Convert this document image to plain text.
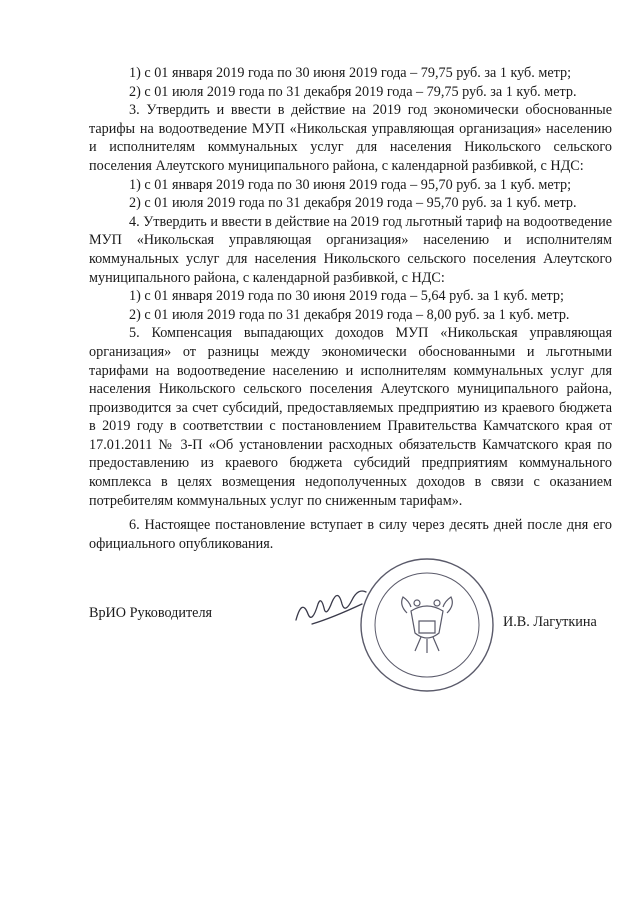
1) с 01 января 2019 года по 30 июня 2019 года – 79,75 руб. за 1 куб. метр;

2) с 01 июля 2019 года по 31 декабря 2019 года – 79,75 руб. за 1 куб. метр.

3. Утвердить и ввести в действие на 2019 год экономически обоснованные тарифы на водоотведение МУП «Никольская управляющая организация» населению и исполнителям коммунальных услуг для населения Никольского сельского поселения Алеутского муниципального района, с календарной разбивкой, с НДС:

1) с 01 января 2019 года по 30 июня 2019 года – 95,70 руб. за 1 куб. метр;

2) с 01 июля 2019 года по 31 декабря 2019 года – 95,70 руб. за 1 куб. метр.

4. Утвердить и ввести в действие на 2019 год льготный тариф на водоотведение МУП «Никольская управляющая организация» населению и исполнителям коммунальных услуг для населения Никольского сельского поселения Алеутского муниципального района, с календарной разбивкой, с НДС:

1) с 01 января 2019 года по 30 июня 2019 года – 5,64 руб. за 1 куб. метр;

2) с 01 июля 2019 года по 31 декабря 2019 года – 8,00 руб. за 1 куб. метр.

5. Компенсация выпадающих доходов МУП «Никольская управляющая организация» от разницы между экономически обоснованными и льготными тарифами на водоотведение населению и исполнителям коммунальных услуг для населения Никольского сельского поселения Алеутского муниципального района, производится за счет субсидий, предоставляемых предприятию из краевого бюджета в 2019 году в соответствии с постановлением Правительства Камчатского края от 17.01.2011 № 3-П «Об установлении расходных обязательств Камчатского края по предоставлению из краевого бюджета субсидий предприятиям коммунального комплекса в целях возмещения недополученных доходов в связи с оказанием потребителям коммунальных услуг по сниженным тарифам».

6. Настоящее постановление вступает в силу через десять дней после дня его официального опубликования.

ВрИО Руководителя
И.В. Лагуткина
